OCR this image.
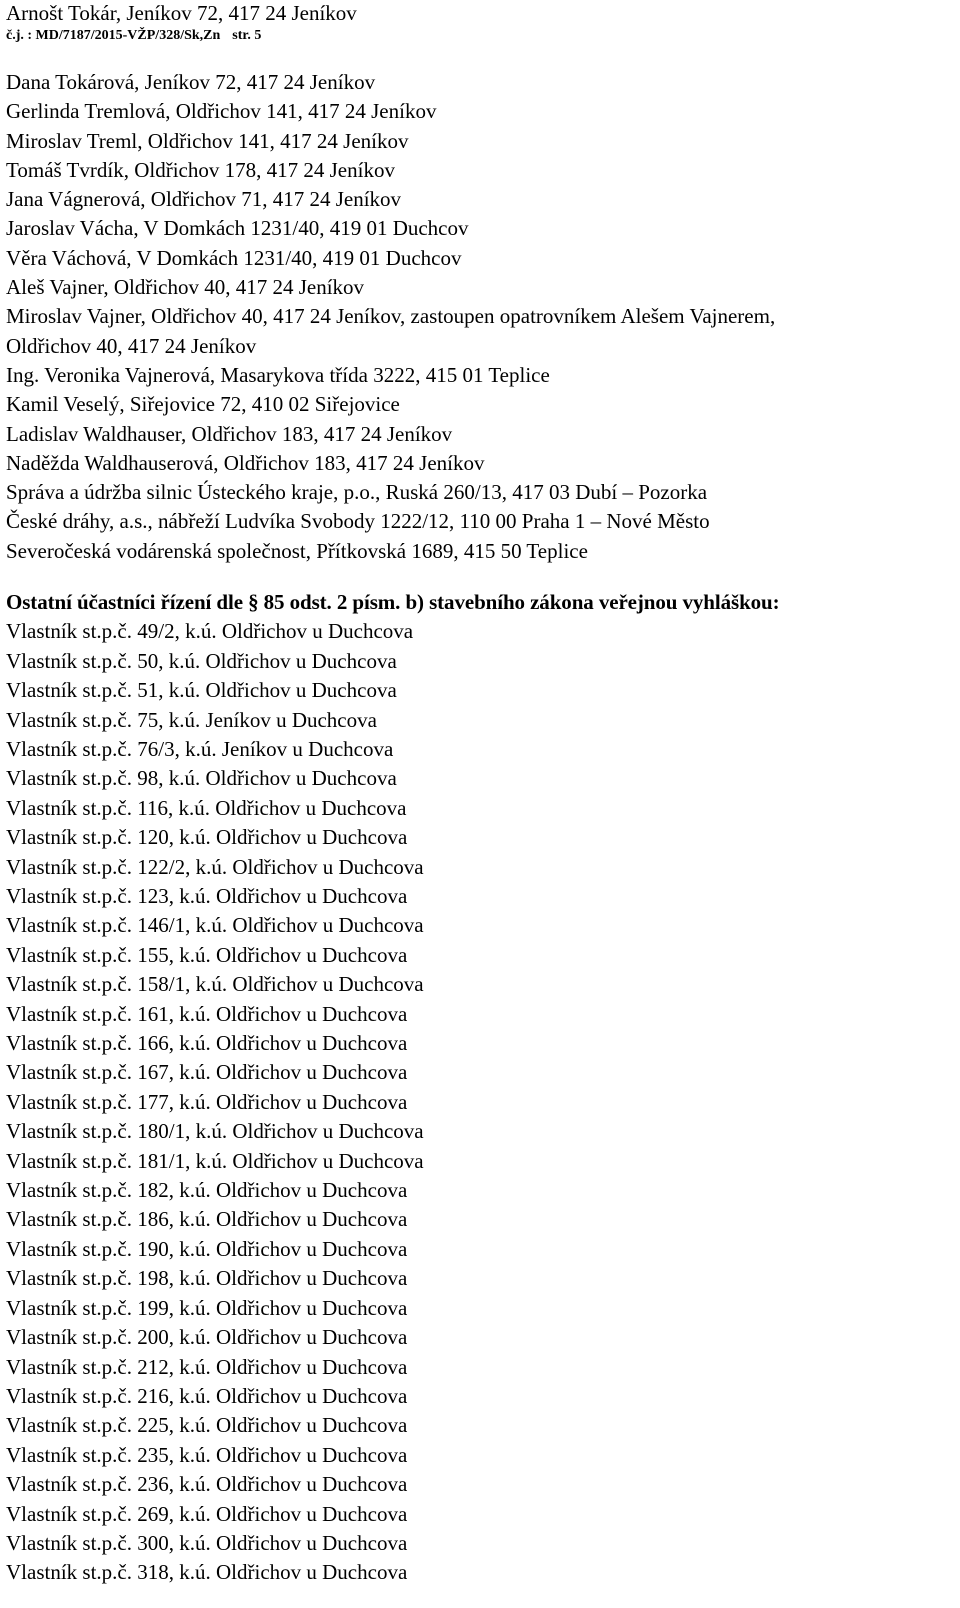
Arnošt Tokár, Jeníkov 72, 417 24 Jeníkov
č.j. : MD/7187/2015-VŽP/328/Sk,Zn str. 5
Dana Tokárová, Jeníkov 72, 417 24 Jeníkov
Gerlinda Tremlová, Oldřichov 141, 417 24 Jeníkov
Miroslav Treml, Oldřichov 141, 417 24 Jeníkov
Tomáš Tvrdík, Oldřichov 178, 417 24 Jeníkov
Jana Vágnerová, Oldřichov 71, 417 24 Jeníkov
Jaroslav Vácha, V Domkách 1231/40, 419 01 Duchcov
Věra Váchová, V Domkách 1231/40, 419 01 Duchcov
Aleš Vajner, Oldřichov 40, 417 24 Jeníkov
Miroslav Vajner, Oldřichov 40, 417 24 Jeníkov, zastoupen opatrovníkem Alešem Vajnerem,
Oldřichov 40, 417 24 Jeníkov
Ing. Veronika Vajnerová, Masarykova třída 3222, 415 01 Teplice
Kamil Veselý, Siřejovice 72, 410 02 Siřejovice
Ladislav Waldhauser, Oldřichov 183, 417 24 Jeníkov
Naděžda Waldhauserová, Oldřichov 183, 417 24 Jeníkov
Správa a údržba silnic Ústeckého kraje, p.o., Ruská 260/13, 417 03 Dubí – Pozorka
České dráhy, a.s., nábřeží Ludvíka Svobody 1222/12, 110 00 Praha 1 – Nové Město
Severočeská vodárenská společnost, Přítkovská 1689, 415 50 Teplice
Ostatní účastníci řízení dle § 85 odst. 2 písm. b) stavebního zákona veřejnou vyhláškou:
Vlastník st.p.č. 49/2, k.ú. Oldřichov u Duchcova
Vlastník st.p.č. 50, k.ú. Oldřichov u Duchcova
Vlastník st.p.č. 51, k.ú. Oldřichov u Duchcova
Vlastník st.p.č. 75, k.ú. Jeníkov u Duchcova
Vlastník st.p.č. 76/3, k.ú. Jeníkov u Duchcova
Vlastník st.p.č. 98, k.ú. Oldřichov u Duchcova
Vlastník st.p.č. 116, k.ú. Oldřichov u Duchcova
Vlastník st.p.č. 120, k.ú. Oldřichov u Duchcova
Vlastník st.p.č. 122/2, k.ú. Oldřichov u Duchcova
Vlastník st.p.č. 123, k.ú. Oldřichov u Duchcova
Vlastník st.p.č. 146/1, k.ú. Oldřichov u Duchcova
Vlastník st.p.č. 155, k.ú. Oldřichov u Duchcova
Vlastník st.p.č. 158/1, k.ú. Oldřichov u Duchcova
Vlastník st.p.č. 161, k.ú. Oldřichov u Duchcova
Vlastník st.p.č. 166, k.ú. Oldřichov u Duchcova
Vlastník st.p.č. 167, k.ú. Oldřichov u Duchcova
Vlastník st.p.č. 177, k.ú. Oldřichov u Duchcova
Vlastník st.p.č. 180/1, k.ú. Oldřichov u Duchcova
Vlastník st.p.č. 181/1, k.ú. Oldřichov u Duchcova
Vlastník st.p.č. 182, k.ú. Oldřichov u Duchcova
Vlastník st.p.č. 186, k.ú. Oldřichov u Duchcova
Vlastník st.p.č. 190, k.ú. Oldřichov u Duchcova
Vlastník st.p.č. 198, k.ú. Oldřichov u Duchcova
Vlastník st.p.č. 199, k.ú. Oldřichov u Duchcova
Vlastník st.p.č. 200, k.ú. Oldřichov u Duchcova
Vlastník st.p.č. 212, k.ú. Oldřichov u Duchcova
Vlastník st.p.č. 216, k.ú. Oldřichov u Duchcova
Vlastník st.p.č. 225, k.ú. Oldřichov u Duchcova
Vlastník st.p.č. 235, k.ú. Oldřichov u Duchcova
Vlastník st.p.č. 236, k.ú. Oldřichov u Duchcova
Vlastník st.p.č. 269, k.ú. Oldřichov u Duchcova
Vlastník st.p.č. 300, k.ú. Oldřichov u Duchcova
Vlastník st.p.č. 318, k.ú. Oldřichov u Duchcova
